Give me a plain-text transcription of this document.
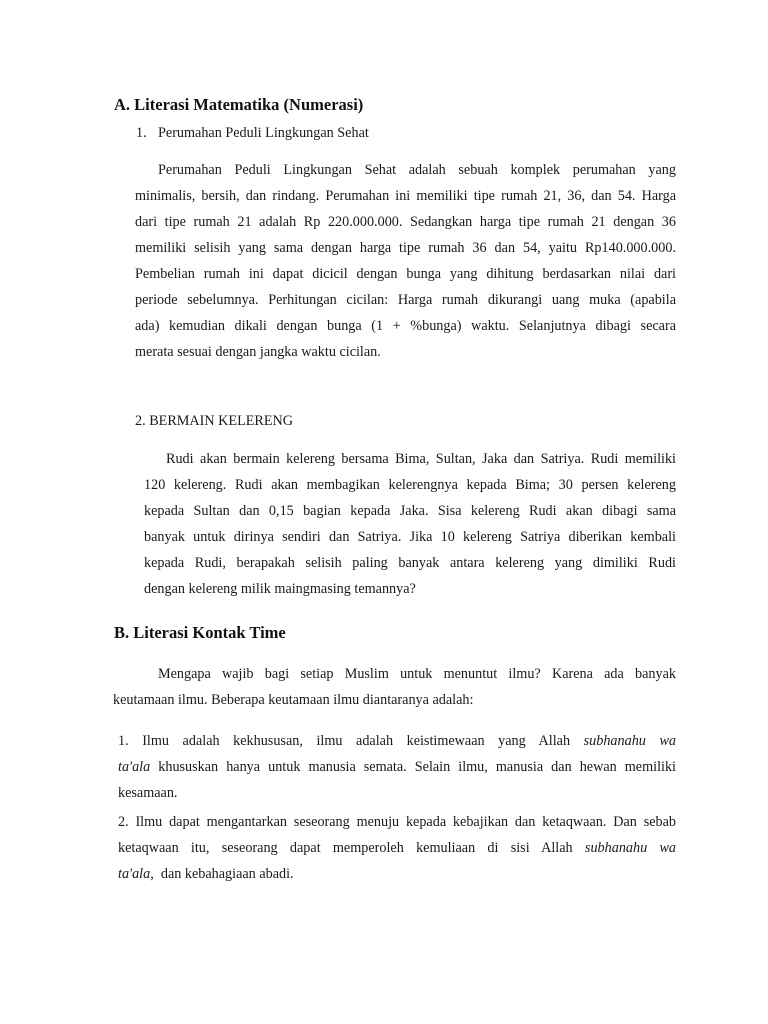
A. Literasi Matematika (Numerasi)
1. Perumahan Peduli Lingkungan Sehat
Perumahan Peduli Lingkungan Sehat adalah sebuah komplek perumahan yang
minimalis, bersih, dan rindang. Perumahan ini memiliki tipe rumah 21, 36, dan 54. Harga
dari tipe rumah 21 adalah Rp 220.000.000. Sedangkan harga tipe rumah 21 dengan 36
memiliki selisih yang sama dengan harga tipe rumah 36 dan 54, yaitu Rp140.000.000.
Pembelian rumah ini dapat dicicil dengan bunga yang dihitung berdasarkan nilai dari
periode sebelumnya. Perhitungan cicilan: Harga rumah dikurangi uang muka (apabila
ada) kemudian dikali dengan bunga (1 + %bunga) waktu. Selanjutnya dibagi secara
merata sesuai dengan jangka waktu cicilan.
2. BERMAIN KELERENG
Rudi akan bermain kelereng bersama Bima, Sultan, Jaka dan Satriya. Rudi memiliki
120 kelereng. Rudi akan membagikan kelerengnya kepada Bima; 30 persen kelereng
kepada Sultan dan 0,15 bagian kepada Jaka. Sisa kelereng Rudi akan dibagi sama
banyak untuk dirinya sendiri dan Satriya. Jika 10 kelereng Satriya diberikan kembali
kepada Rudi, berapakah selisih paling banyak antara kelereng yang dimiliki Rudi
dengan kelereng milik maingmasing temannya?
B. Literasi Kontak Time
Mengapa wajib bagi setiap Muslim untuk menuntut ilmu? Karena ada banyak
keutamaan ilmu. Beberapa keutamaan ilmu diantaranya adalah:
1. Ilmu adalah kekhususan, ilmu adalah keistimewaan yang Allah subhanahu wa
ta'ala khususkan hanya untuk manusia semata. Selain ilmu, manusia dan hewan memiliki
kesamaan.
2. Ilmu dapat mengantarkan seseorang menuju kepada kebajikan dan ketaqwaan. Dan sebab
ketaqwaan itu, seseorang dapat memperoleh kemuliaan di sisi Allah subhanahu wa
ta'ala, dan kebahagiaan abadi.
